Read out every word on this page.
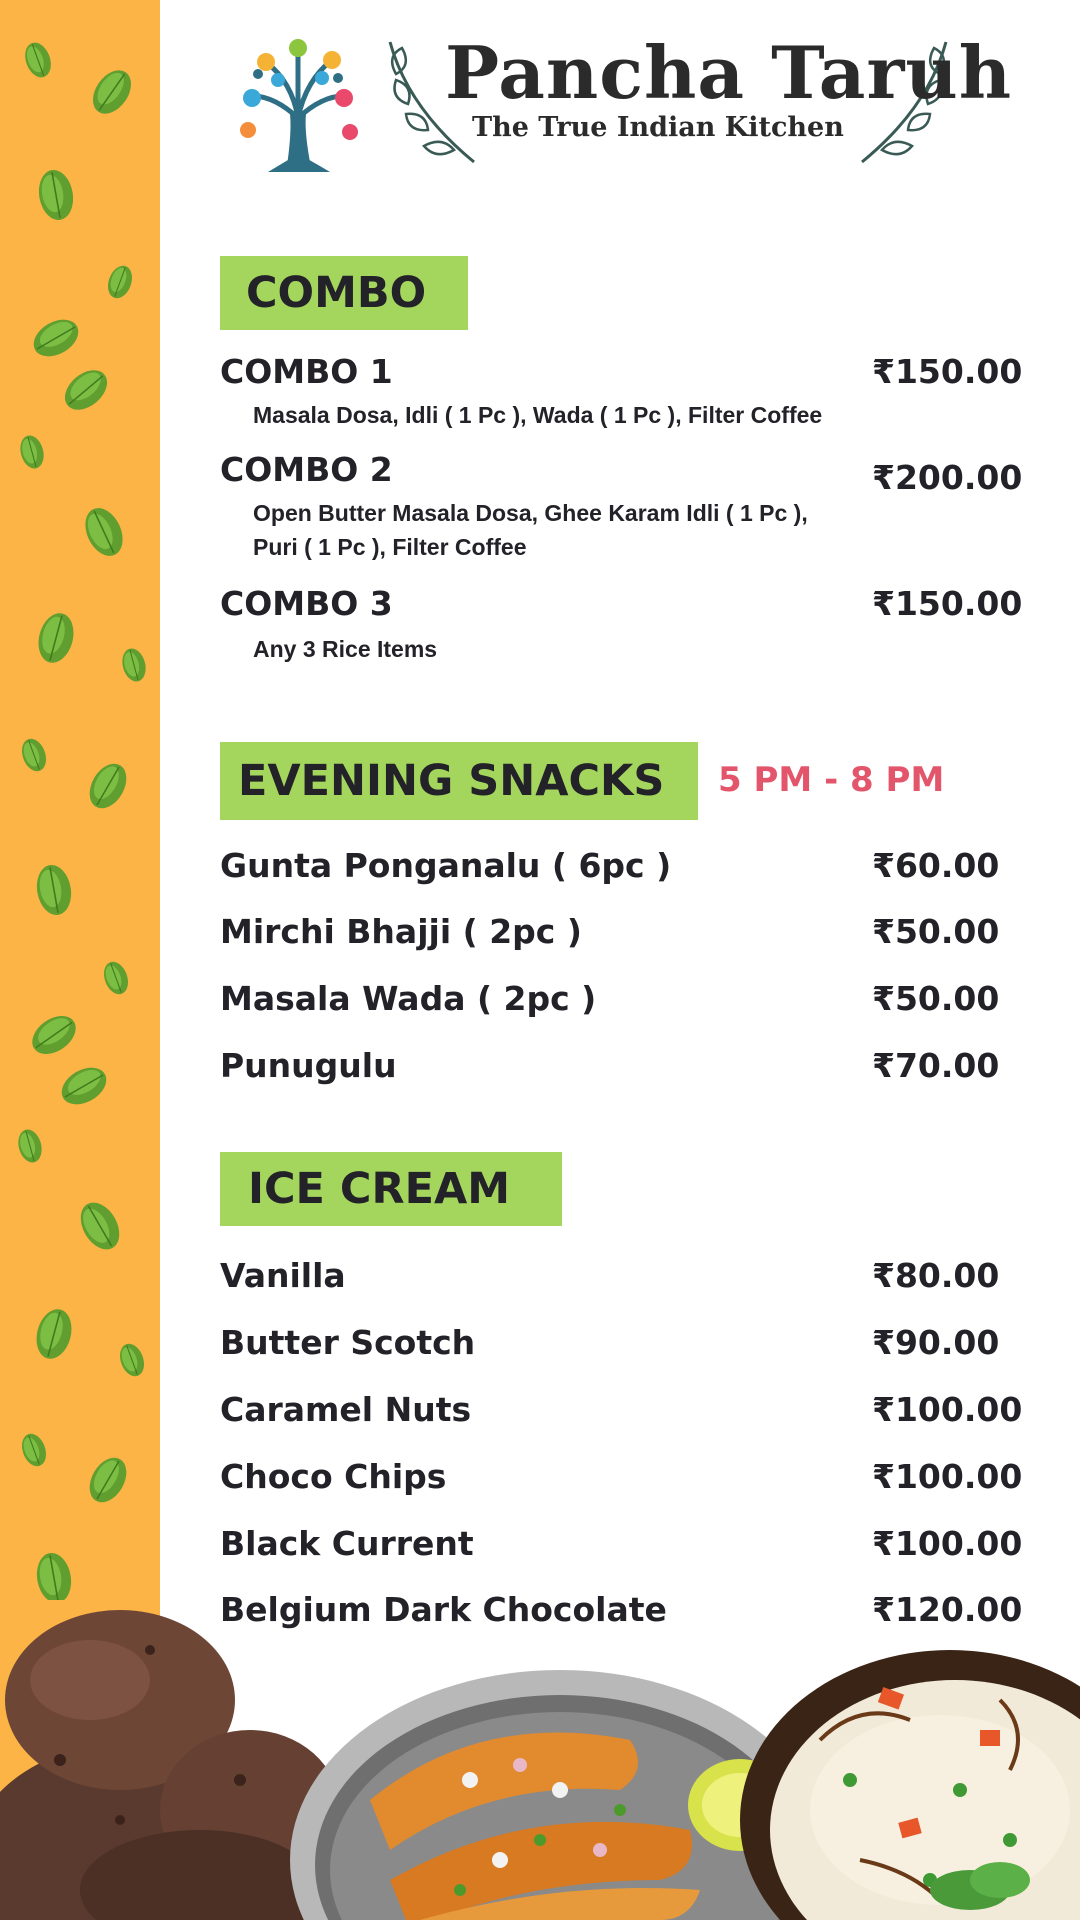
Pancha Taruh
The True Indian Kitchen
COMBO
COMBO 1	₹150.00
Masala Dosa, Idli ( 1 Pc ), Wada ( 1 Pc ), Filter Coffee
COMBO 2	₹200.00
Open Butter Masala Dosa, Ghee Karam Idli ( 1 Pc ), Puri ( 1 Pc ), Filter Coffee
COMBO 3	₹150.00
Any 3 Rice Items
EVENING SNACKS	5 PM - 8 PM
Gunta Ponganalu ( 6pc )	₹60.00
Mirchi Bhajji ( 2pc )	₹50.00
Masala Wada ( 2pc )	₹50.00
Punugulu	₹70.00
ICE CREAM
Vanilla	₹80.00
Butter Scotch	₹90.00
Caramel Nuts	₹100.00
Choco Chips	₹100.00
Black Current	₹100.00
Belgium Dark Chocolate	₹120.00
